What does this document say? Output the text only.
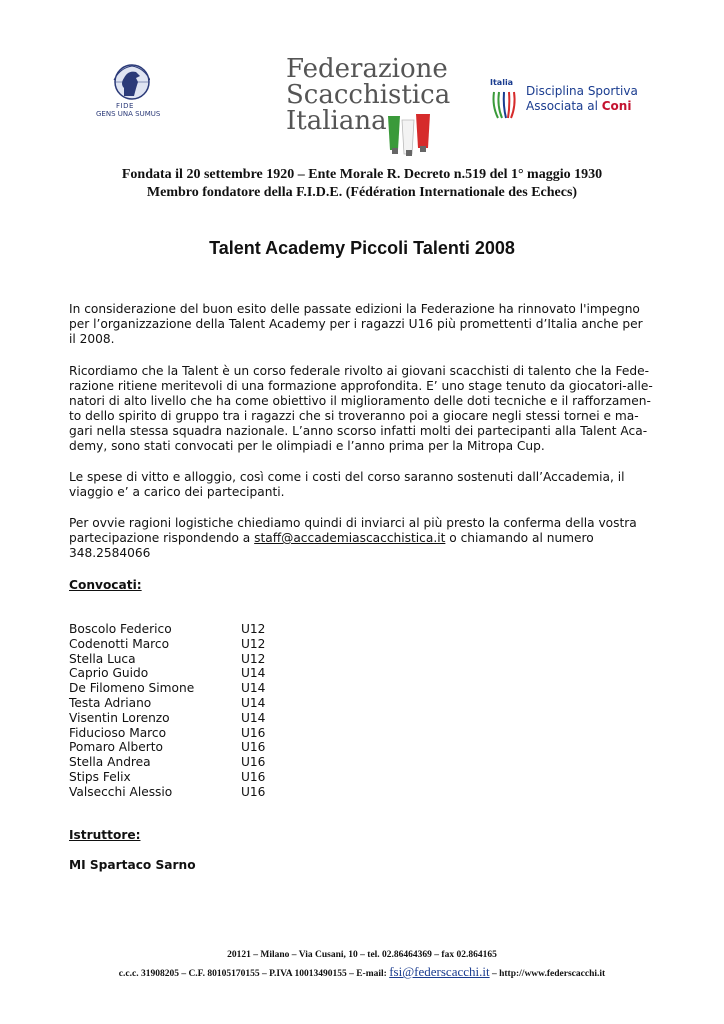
FIDE
GENS UNA SUMUS
Federazione
Scacchistica
Italiana
Italia
Disciplina Sportiva
Associata al Coni
Fondata il 20 settembre 1920 – Ente Morale R. Decreto n.519 del 1° maggio 1930
Membro fondatore della F.I.D.E. (Fédération Internationale des Echecs)
Talent Academy Piccoli Talenti 2008
In considerazione del buon esito delle passate edizioni la Federazione ha rinnovato l'impegno
per l’organizzazione della Talent Academy per i ragazzi U16 più promettenti d’Italia anche per
il 2008.
Ricordiamo che la Talent è un corso federale rivolto ai giovani scacchisti di talento che la Fede-
razione ritiene meritevoli di una formazione approfondita. E’ uno stage tenuto da giocatori-alle-
natori di alto livello che ha come obiettivo il miglioramento delle doti tecniche e il rafforzamen-
to dello spirito di gruppo tra i ragazzi che si troveranno poi a giocare negli stessi tornei e ma-
gari nella stessa squadra nazionale. L’anno scorso infatti molti dei partecipanti alla Talent Aca-
demy, sono stati convocati per le olimpiadi e l’anno prima per la Mitropa Cup.
Le spese di vitto e alloggio, così come i costi del corso saranno sostenuti dall’Accademia, il
viaggio e’ a carico dei partecipanti.
Per ovvie ragioni logistiche chiediamo quindi di inviarci al più presto la conferma della vostra
partecipazione rispondendo a staff@accademiascacchistica.it o chiamando al numero
348.2584066
Convocati:
Boscolo Federico	U12
Codenotti Marco	U12
Stella Luca	U12
Caprio Guido	U14
De Filomeno Simone	U14
Testa Adriano	U14
Visentin Lorenzo	U14
Fiducioso Marco	U16
Pomaro Alberto	U16
Stella Andrea	U16
Stips Felix	U16
Valsecchi Alessio	U16
Istruttore:
MI Spartaco Sarno
20121 – Milano – Via Cusani, 10 – tel. 02.86464369 – fax 02.864165
c.c.c. 31908205 – C.F. 80105170155 – P.IVA 10013490155 – E-mail: fsi@federscacchi.it – http://www.federscacchi.it
